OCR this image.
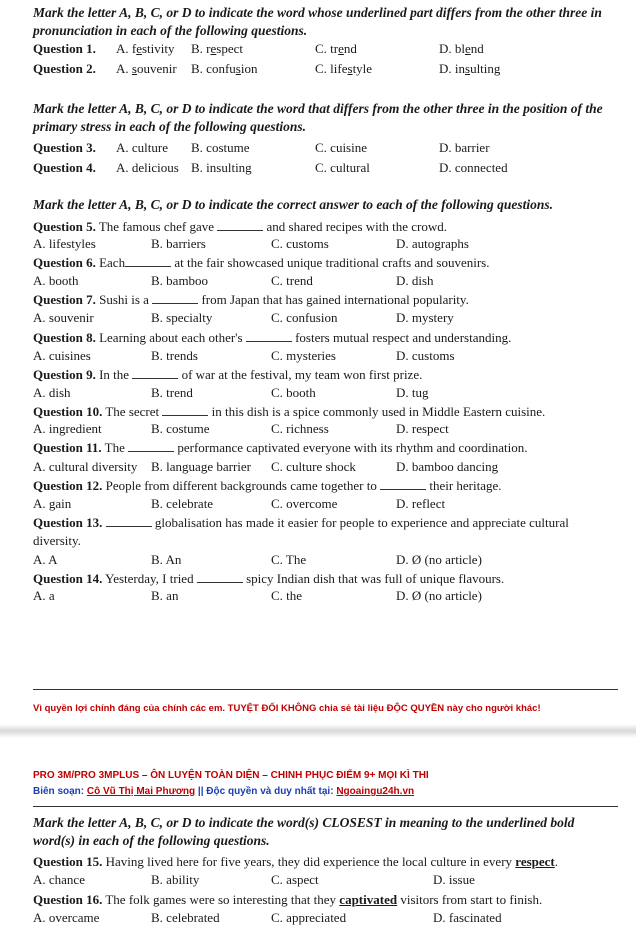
Mark the letter A, B, C, or D to indicate the word whose underlined part differs from the other three in pronunciation in each of the following questions.
Question 1. A. festivity B. respect	C. trend	D. blend
Question 2. A. souvenir B. confusion	C. lifestyle	D. insulting
Mark the letter A, B, C, or D to indicate the word that differs from the other three in the position of the primary stress in each of the following questions.
Question 3. A. culture B. costume	C. cuisine	D. barrier
Question 4. A. delicious B. insulting	C. cultural	D. connected
Mark the letter A, B, C, or D to indicate the correct answer to each of the following questions.
Question 5. The famous chef gave	and shared recipes with the crowd.
A. lifestyles	B. barriers	C. customs	D. autographs
Question 6. Each	at the fair showcased unique traditional crafts and souvenirs.
A. booth	B. bamboo	C. trend	D. dish
Question 7. Sushi is a	from Japan that has gained international popularity.
A. souvenir	B. specialty	C. confusion	D. mystery
Question 8. Learning about each other's	fosters mutual respect and understanding.
A. cuisines	B. trends	C. mysteries	D. customs
Question 9. In the	of war at the festival, my team won first prize.
A. dish	B. trend	C. booth	D. tug
Question 10. The secret	in this dish is a spice commonly used in Middle Eastern cuisine.
A. ingredient	B. costume	C. richness	D. respect
Question 11. The	performance captivated everyone with its rhythm and coordination.
A. cultural diversity B. language barrier C. culture shock	D. bamboo dancing
Question 12. People from different backgrounds came together to	their heritage.
A. gain	B. celebrate	C. overcome	D. reflect
Question 13.	globalisation has made it easier for people to experience and appreciate cultural
diversity.
A. A	B. An	C. The	D. Ø (no article)
Question 14. Yesterday, I tried	spicy Indian dish that was full of unique flavours.
A. a	B. an	C. the	D. Ø (no article)
Vì quyền lợi chính đáng của chính các em. TUYỆT ĐỐI KHÔNG chia sẻ tài liệu ĐỘC QUYỀN này cho người khác!
PRO 3M/PRO 3MPLUS – ÔN LUYỆN TOÀN DIỆN – CHINH PHỤC ĐIỂM 9+ MỌI KÌ THI
Biên soạn: Cô Vũ Thị Mai Phương || Độc quyền và duy nhất tại: Ngoaingu24h.vn
Mark the letter A, B, C, or D to indicate the word(s) CLOSEST in meaning to the underlined bold word(s) in each of the following questions.
Question 15. Having lived here for five years, they did experience the local culture in every respect.
A. chance	B. ability	C. aspect	D. issue
Question 16. The folk games were so interesting that they captivated visitors from start to finish.
A. overcame	B. celebrated	C. appreciated	D. fascinated
